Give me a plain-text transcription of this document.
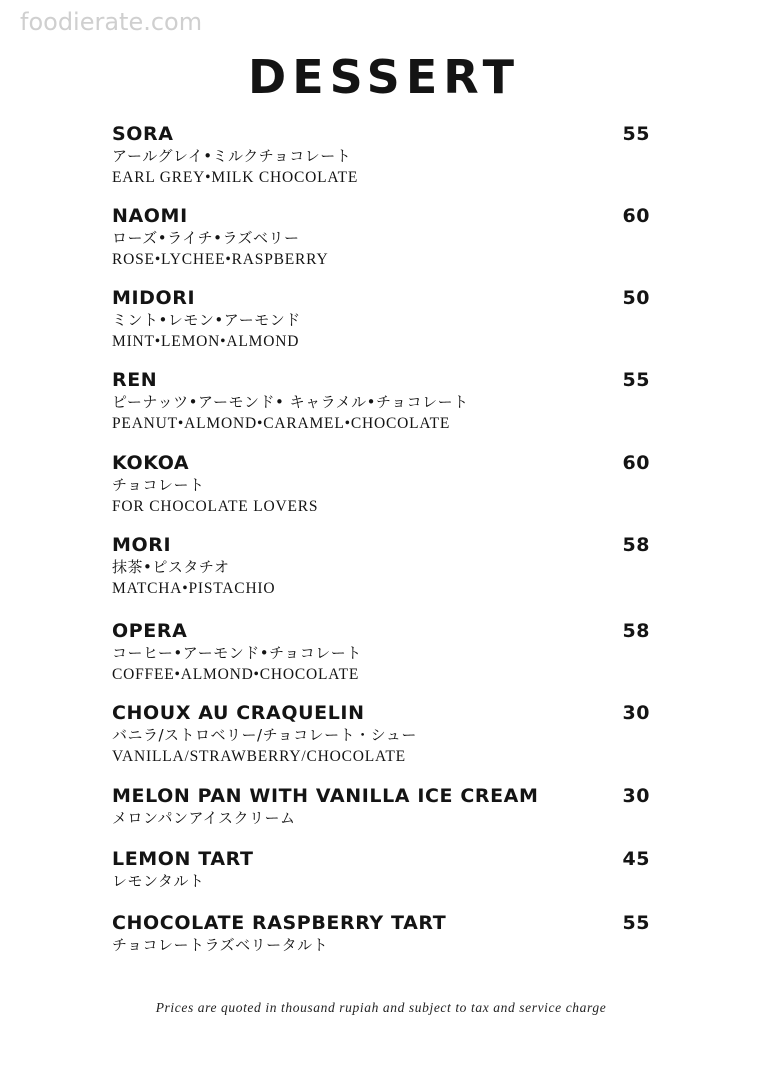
foodierate.com
DESSERT
SORA	55
アールグレイ•ミルクチョコレート
EARL GREY•MILK CHOCOLATE
NAOMI	60
ローズ•ライチ•ラズベリー
ROSE•LYCHEE•RASPBERRY
MIDORI	50
ミント•レモン•アーモンド
MINT•LEMON•ALMOND
REN	55
ピーナッツ•アーモンド• キャラメル•チョコレート
PEANUT•ALMOND•CARAMEL•CHOCOLATE
KOKOA	60
チョコレート
FOR CHOCOLATE LOVERS
MORI	58
抹茶•ピスタチオ
MATCHA•PISTACHIO
OPERA	58
コーヒー•アーモンド•チョコレート
COFFEE•ALMOND•CHOCOLATE
CHOUX AU CRAQUELIN	30
バニラ/ストロベリー/チョコレート・シュー
VANILLA/STRAWBERRY/CHOCOLATE
MELON PAN WITH VANILLA ICE CREAM	30
メロンパンアイスクリーム
LEMON TART	45
レモンタルト
CHOCOLATE RASPBERRY TART	55
チョコレートラズベリータルト
Prices are quoted in thousand rupiah and subject to tax and service charge
